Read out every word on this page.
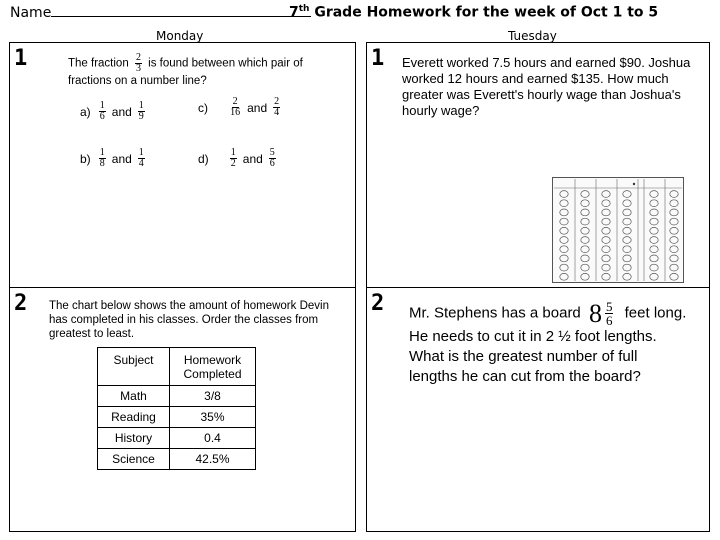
Name	7th Grade Homework for the week of Oct 1 to 5
Monday	Tuesday
1	The fraction $\frac{2}{3}$ is found between which pair of
fractions on a number line?
$a) \frac{1}{6}$ and $\frac{1}{9}$	$c) \frac{2}{16}$ and $\frac{2}{4}$
$b) \frac{1}{8}$ and $\frac{1}{4}$	$d) \frac{1}{2}$ and $\frac{5}{6}$
1 Everett worked 7.5 hours and earned $90. Joshua worked 12 hours and earned $135. How much greater was Everett's hourly wage than Joshua's hourly wage?
2 The chart below shows the amount of homework Devin has completed in his classes. Order the classes from greatest to least.
Subject	Homework Completed
Math	3/8
Reading	35%
History	0.4
Science	42.5%
2 Mr. Stephens has a board $8 \frac{5}{6}$ feet long. He needs to cut it in 2 ½ foot lengths. What is the greatest number of full lengths he can cut from the board?
